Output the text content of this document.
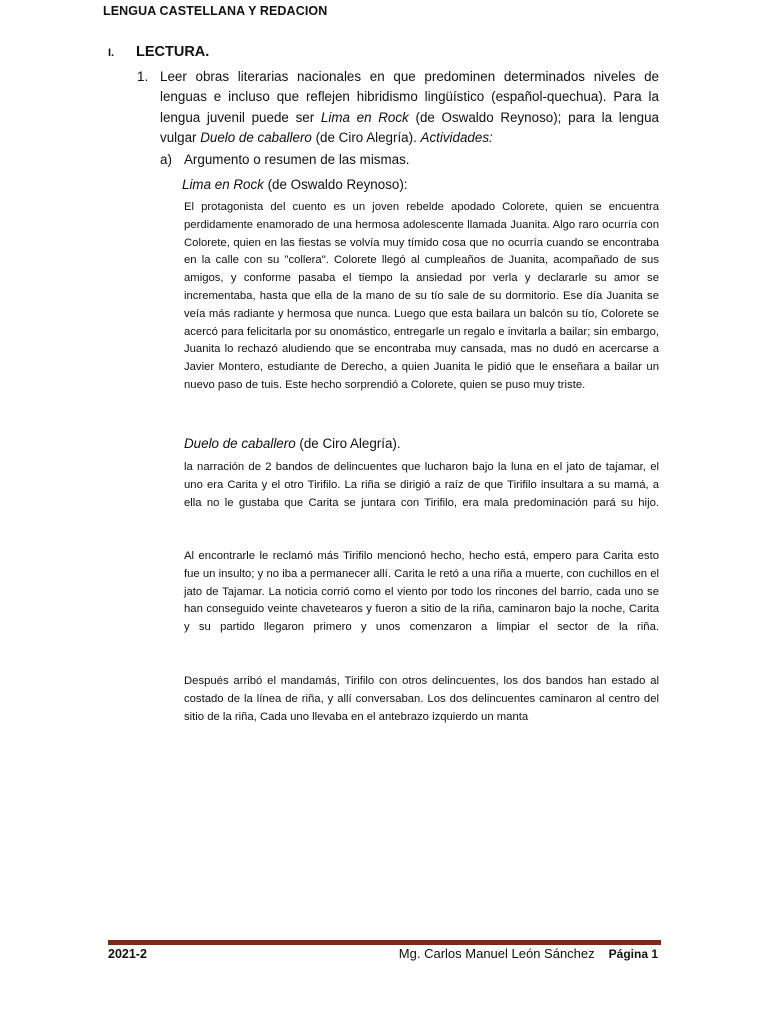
LENGUA CASTELLANA Y REDACION
I. LECTURA.
1. Leer obras literarias nacionales en que predominen determinados niveles de lenguas e incluso que reflejen hibridismo lingüístico (español-quechua). Para la lengua juvenil puede ser Lima en Rock (de Oswaldo Reynoso); para la lengua vulgar Duelo de caballero (de Ciro Alegría). Actividades:
a) Argumento o resumen de las mismas.
Lima en Rock (de Oswaldo Reynoso):
El protagonista del cuento es un joven rebelde apodado Colorete, quien se encuentra perdidamente enamorado de una hermosa adolescente llamada Juanita. Algo raro ocurría con Colorete, quien en las fiestas se volvía muy tímido cosa que no ocurría cuando se encontraba en la calle con su "collera". Colorete llegó al cumpleaños de Juanita, acompañado de sus amigos, y conforme pasaba el tiempo la ansiedad por verla y declararle su amor se incrementaba, hasta que ella de la mano de su tío sale de su dormitorio. Ese día Juanita se veía más radiante y hermosa que nunca. Luego que esta bailara un balcón su tío, Colorete se acercó para felicitarla por su onomástico, entregarle un regalo e invitarla a bailar; sin embargo, Juanita lo rechazó aludiendo que se encontraba muy cansada, mas no dudó en acercarse a Javier Montero, estudiante de Derecho, a quien Juanita le pidió que le enseñara a bailar un nuevo paso de tuis. Este hecho sorprendió a Colorete, quien se puso muy triste.
Duelo de caballero (de Ciro Alegría).
la narración de 2 bandos de delincuentes que lucharon bajo la luna en el jato de tajamar, el uno era Carita y el otro Tirifilo. La riña se dirigió a raíz de que Tirifilo insultara a su mamá, a ella no le gustaba que Carita se juntara con Tirifilo, era mala predominación pará su hijo.
Al encontrarle le reclamó más Tirifilo mencionó hecho, hecho está, empero para Carita esto fue un insulto; y no iba a permanecer allí. Carita le retó a una riña a muerte, con cuchillos en el jato de Tajamar. La noticia corrió como el viento por todo los rincones del barrio, cada uno se han conseguido veinte chavetearos y fueron a sitio de la riña, caminaron bajo la noche, Carita y su partido llegaron primero y unos comenzaron a limpiar el sector de la riña.
Después arribó el mandamás, Tirifilo con otros delincuentes, los dos bandos han estado al costado de la línea de riña, y allí conversaban. Los dos delincuentes caminaron al centro del sitio de la riña, Cada uno llevaba en el antebrazo izquierdo un manta
2021-2	Mg. Carlos Manuel León Sánchez Página 1
